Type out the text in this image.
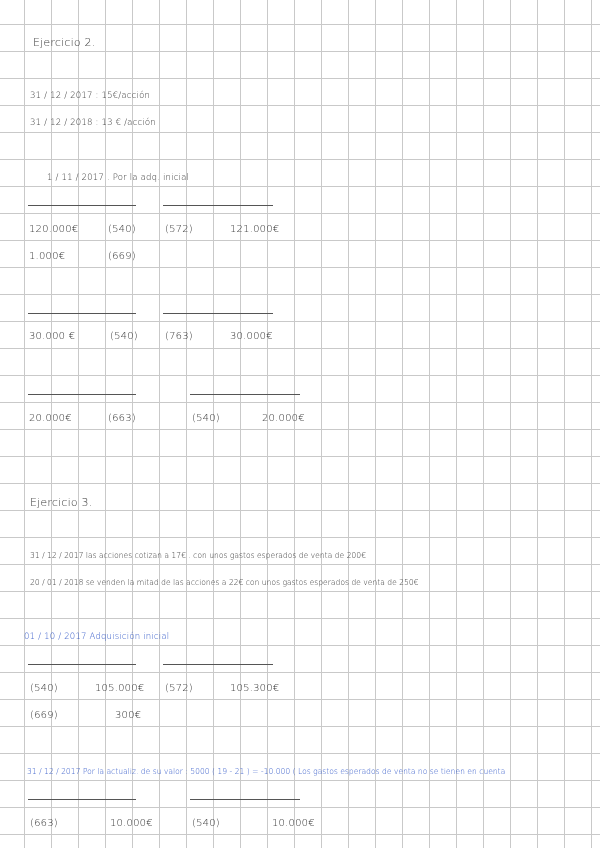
Ejercicio 2.
31 / 12 / 2017 : 15€/acción
31 / 12 / 2018 : 13 € /acción
1 / 11 / 2017 . Por la adq. inicial
120.000€	(540)	(572)	121.000€
1.000€	(669)
30.000 €	(540)	(763)	30.000€
20.000€	(663)	(540)	20.000€
Ejercicio 3.
31 / 12 / 2017 las acciones cotizan a 17€ . con unos gastos esperados de venta de 200€
20 / 01 / 2018 se venden la mitad de las acciones a 22€ con unos gastos esperados de venta de 250€
01 / 10 / 2017 Adquisición inicial
(540)	105.000€ (572)	105.300€
(669)	300€
31 / 12 / 2017 Por la actualiz. de su valor : 5000 ( 19 - 21 ) = -10.000 ( Los gastos esperados de venta no se tienen en cuenta
(663)	10.000€	(540)	10.000€
